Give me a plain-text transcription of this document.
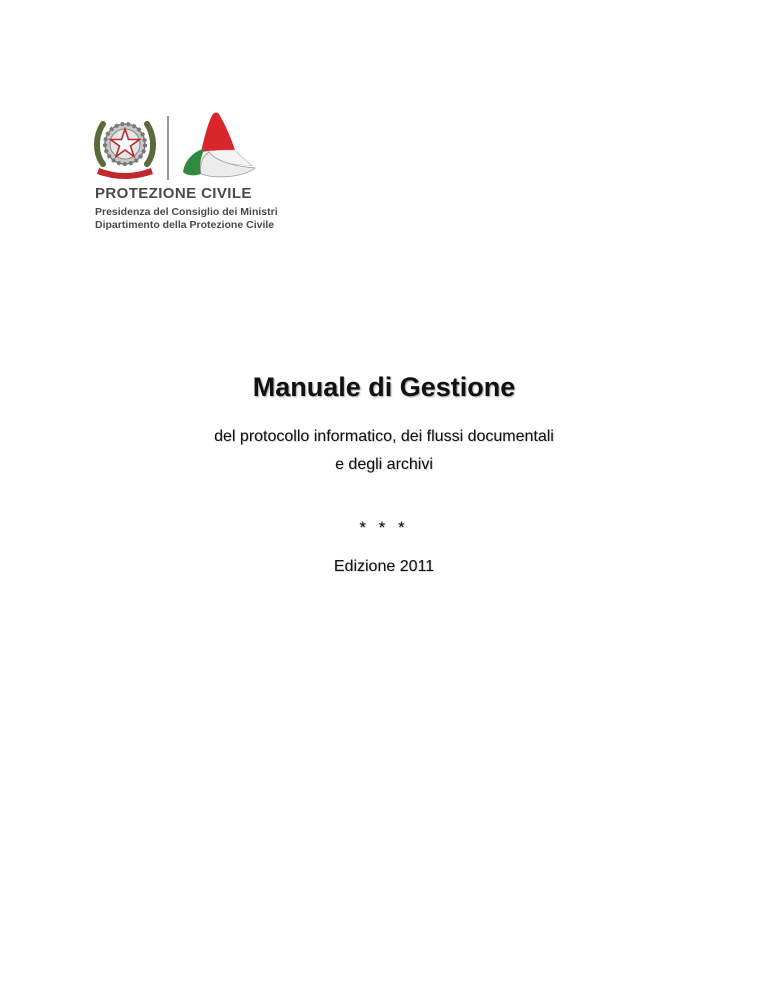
PROTEZIONE CIVILE
Presidenza del Consiglio dei Ministri
Dipartimento della Protezione Civile
Manuale di Gestione
del protocollo informatico, dei flussi documentali
e degli archivi
* * *
Edizione 2011
